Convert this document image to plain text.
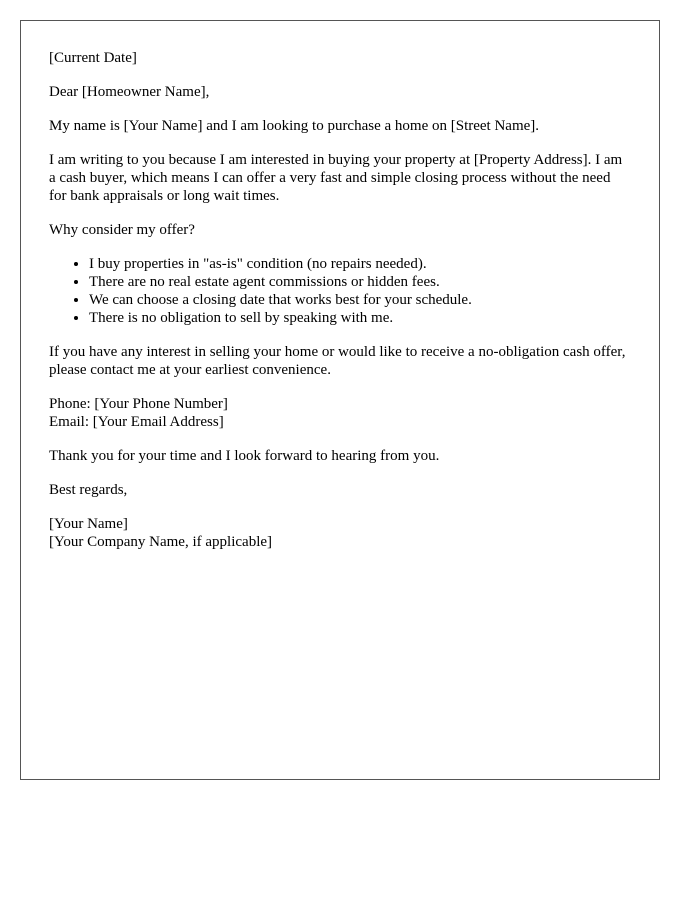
[Current Date]

Dear [Homeowner Name],

My name is [Your Name] and I am looking to purchase a home on [Street Name].

I am writing to you because I am interested in buying your property at [Property Address]. I am a cash buyer, which means I can offer a very fast and simple closing process without the need for bank appraisals or long wait times.

Why consider my offer?

• I buy properties in "as-is" condition (no repairs needed).
• There are no real estate agent commissions or hidden fees.
• We can choose a closing date that works best for your schedule.
• There is no obligation to sell by speaking with me.

If you have any interest in selling your home or would like to receive a no-obligation cash offer, please contact me at your earliest convenience.

Phone: [Your Phone Number]
Email: [Your Email Address]

Thank you for your time and I look forward to hearing from you.

Best regards,

[Your Name]
[Your Company Name, if applicable]
